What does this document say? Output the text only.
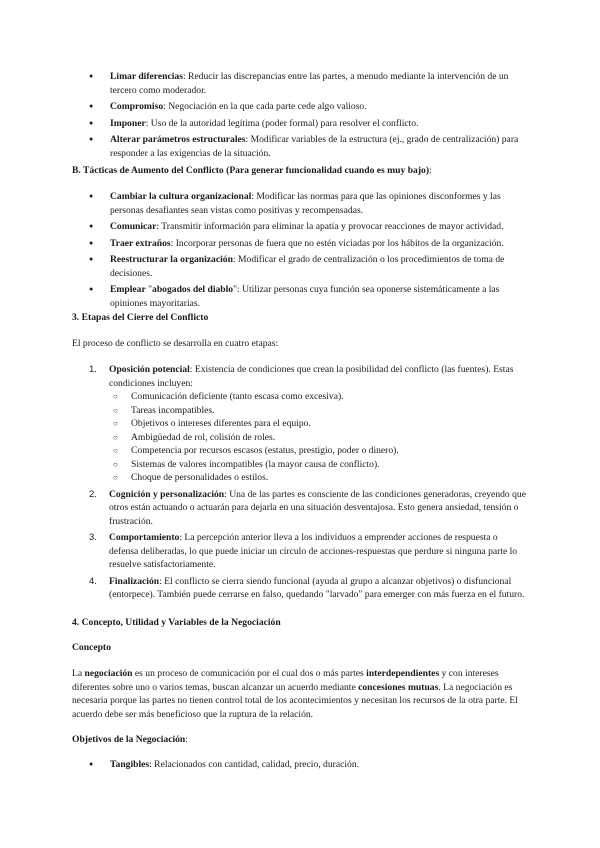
● Limar diferencias: Reducir las discrepancias entre las partes, a menudo mediante la intervención de un tercero como moderador.
● Compromiso: Negociación en la que cada parte cede algo valioso.
● Imponer: Uso de la autoridad legítima (poder formal) para resolver el conflicto.
● Alterar parámetros estructurales: Modificar variables de la estructura (ej., grado de centralización) para responder a las exigencias de la situación.

B. Tácticas de Aumento del Conflicto (Para generar funcionalidad cuando es muy bajo):

● Cambiar la cultura organizacional: Modificar las normas para que las opiniones disconformes y las personas desafiantes sean vistas como positivas y recompensadas.
● Comunicar: Transmitir información para eliminar la apatía y provocar reacciones de mayor actividad.
● Traer extraños: Incorporar personas de fuera que no estén viciadas por los hábitos de la organización.
● Reestructurar la organización: Modificar el grado de centralización o los procedimientos de toma de decisiones.
● Emplear "abogados del diablo": Utilizar personas cuya función sea oponerse sistemáticamente a las opiniones mayoritarias.

3. Etapas del Cierre del Conflicto

El proceso de conflicto se desarrolla en cuatro etapas:

1. Oposición potencial: Existencia de condiciones que crean la posibilidad del conflicto (las fuentes). Estas condiciones incluyen:
○ Comunicación deficiente (tanto escasa como excesiva).
○ Tareas incompatibles.
○ Objetivos o intereses diferentes para el equipo.
○ Ambigüedad de rol, colisión de roles.
○ Competencia por recursos escasos (estatus, prestigio, poder o dinero).
○ Sistemas de valores incompatibles (la mayor causa de conflicto).
○ Choque de personalidades o estilos.
2. Cognición y personalización: Una de las partes es consciente de las condiciones generadoras, creyendo que otros están actuando o actuarán para dejarla en una situación desventajosa. Esto genera ansiedad, tensión o frustración.
3. Comportamiento: La percepción anterior lleva a los individuos a emprender acciones de respuesta o defensa deliberadas, lo que puede iniciar un círculo de acciones-respuestas que perdure si ninguna parte lo resuelve satisfactoriamente.
4. Finalización: El conflicto se cierra siendo funcional (ayuda al grupo a alcanzar objetivos) o disfuncional (entorpece). También puede cerrarse en falso, quedando "larvado" para emerger con más fuerza en el futuro.

4. Concepto, Utilidad y Variables de la Negociación

Concepto

La negociación es un proceso de comunicación por el cual dos o más partes interdependientes y con intereses diferentes sobre uno o varios temas, buscan alcanzar un acuerdo mediante concesiones mutuas. La negociación es necesaria porque las partes no tienen control total de los acontecimientos y necesitan los recursos de la otra parte. El acuerdo debe ser más beneficioso que la ruptura de la relación.

Objetivos de la Negociación:

● Tangibles: Relacionados con cantidad, calidad, precio, duración.
